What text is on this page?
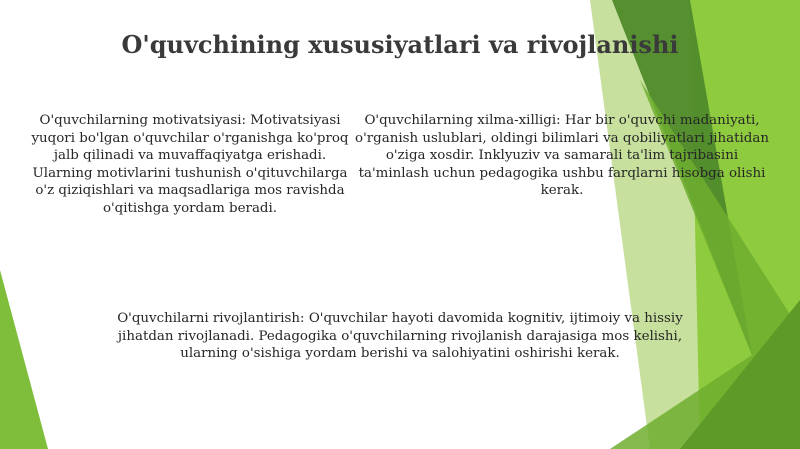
O'quvchining xususiyatlari va rivojlanishi

O'quvchilarning motivatsiyasi: Motivatsiyasi yuqori bo'lgan o'quvchilar o'rganishga ko'proq jalb qilinadi va muvaffaqiyatga erishadi. Ularning motivlarini tushunish o'qituvchilarga o'z qiziqishlari va maqsadlariga mos ravishda o'qitishga yordam beradi.

O'quvchilarning xilma-xilligi: Har bir o'quvchi madaniyati, o'rganish uslublari, oldingi bilimlari va qobiliyatlari jihatidan o'ziga xosdir. Inklyuziv va samarali ta'lim tajribasini ta'minlash uchun pedagogika ushbu farqlarni hisobga olishi kerak.

O'quvchilarni rivojlantirish: O'quvchilar hayoti davomida kognitiv, ijtimoiy va hissiy jihatdan rivojlanadi. Pedagogika o'quvchilarning rivojlanish darajasiga mos kelishi, ularning o'sishiga yordam berishi va salohiyatini oshirishi kerak.
